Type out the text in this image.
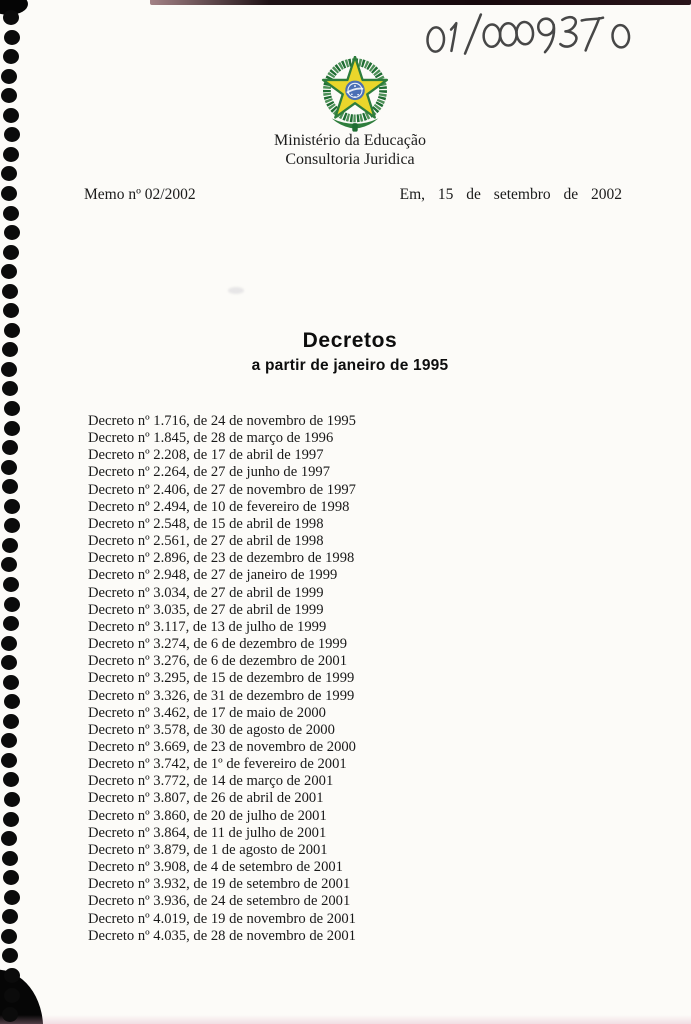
Ministério da Educação
Consultoria Juridica
Memo nº 02/2002	Em, 15 de setembro de 2002
Decretos
a partir de janeiro de 1995
Decreto nº 1.716, de 24 de novembro de 1995
Decreto nº 1.845, de 28 de março de 1996
Decreto nº 2.208, de 17 de abril de 1997
Decreto nº 2.264, de 27 de junho de 1997
Decreto nº 2.406, de 27 de novembro de 1997
Decreto nº 2.494, de 10 de fevereiro de 1998
Decreto nº 2.548, de 15 de abril de 1998
Decreto nº 2.561, de 27 de abril de 1998
Decreto nº 2.896, de 23 de dezembro de 1998
Decreto nº 2.948, de 27 de janeiro de 1999
Decreto nº 3.034, de 27 de abril de 1999
Decreto nº 3.035, de 27 de abril de 1999
Decreto nº 3.117, de 13 de julho de 1999
Decreto nº 3.274, de 6 de dezembro de 1999
Decreto nº 3.276, de 6 de dezembro de 2001
Decreto nº 3.295, de 15 de dezembro de 1999
Decreto nº 3.326, de 31 de dezembro de 1999
Decreto nº 3.462, de 17 de maio de 2000
Decreto nº 3.578, de 30 de agosto de 2000
Decreto nº 3.669, de 23 de novembro de 2000
Decreto nº 3.742, de 1º de fevereiro de 2001
Decreto nº 3.772, de 14 de março de 2001
Decreto nº 3.807, de 26 de abril de 2001
Decreto nº 3.860, de 20 de julho de 2001
Decreto nº 3.864, de 11 de julho de 2001
Decreto nº 3.879, de 1 de agosto de 2001
Decreto nº 3.908, de 4 de setembro de 2001
Decreto nº 3.932, de 19 de setembro de 2001
Decreto nº 3.936, de 24 de setembro de 2001
Decreto nº 4.019, de 19 de novembro de 2001
Decreto nº 4.035, de 28 de novembro de 2001
